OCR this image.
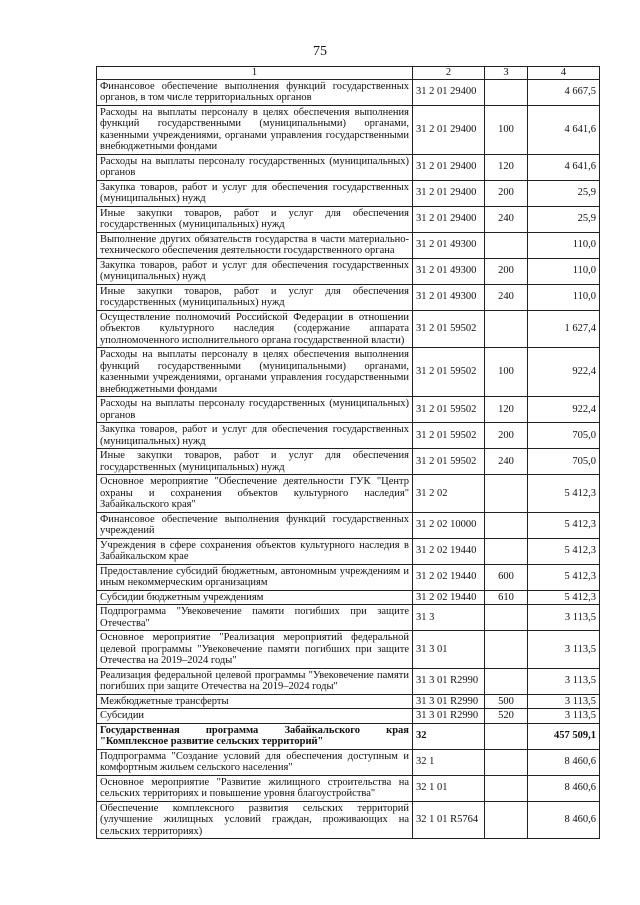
75
1	2	3	4
Финансовое обеспечение выполнения функций государственных органов, в том числе территориальных органов	31 2 01 29400		4 667,5
Расходы на выплаты персоналу в целях обеспечения выполнения функций государственными (муниципальными) органами, казенными учреждениями, органами управления государственными внебюджетными фондами	31 2 01 29400	100	4 641,6
Расходы на выплаты персоналу государственных (муниципальных) органов	31 2 01 29400	120	4 641,6
Закупка товаров, работ и услуг для обеспечения государственных (муниципальных) нужд	31 2 01 29400	200	25,9
Иные закупки товаров, работ и услуг для обеспечения государственных (муниципальных) нужд	31 2 01 29400	240	25,9
Выполнение других обязательств государства в части материально-технического обеспечения деятельности государственного органа	31 2 01 49300		110,0
Закупка товаров, работ и услуг для обеспечения государственных (муниципальных) нужд	31 2 01 49300	200	110,0
Иные закупки товаров, работ и услуг для обеспечения государственных (муниципальных) нужд	31 2 01 49300	240	110,0
Осуществление полномочий Российской Федерации в отношении объектов культурного наследия (содержание аппарата уполномоченного исполнительного органа государственной власти)	31 2 01 59502		1 627,4
Расходы на выплаты персоналу в целях обеспечения выполнения функций государственными (муниципальными) органами, казенными учреждениями, органами управления государственными внебюджетными фондами	31 2 01 59502	100	922,4
Расходы на выплаты персоналу государственных (муниципальных) органов	31 2 01 59502	120	922,4
Закупка товаров, работ и услуг для обеспечения государственных (муниципальных) нужд	31 2 01 59502	200	705,0
Иные закупки товаров, работ и услуг для обеспечения государственных (муниципальных) нужд	31 2 01 59502	240	705,0
Основное мероприятие "Обеспечение деятельности ГУК "Центр охраны и сохранения объектов культурного наследия" Забайкальского края"	31 2 02		5 412,3
Финансовое обеспечение выполнения функций государственных учреждений	31 2 02 10000		5 412,3
Учреждения в сфере сохранения объектов культурного наследия в Забайкальском крае	31 2 02 19440		5 412,3
Предоставление субсидий бюджетным, автономным учреждениям и иным некоммерческим организациям	31 2 02 19440	600	5 412,3
Субсидии бюджетным учреждениям	31 2 02 19440	610	5 412,3
Подпрограмма "Увековечение памяти погибших при защите Отечества"	31 3		3 113,5
Основное мероприятие "Реализация мероприятий федеральной целевой программы "Увековечение памяти погибших при защите Отечества на 2019–2024 годы"	31 3 01		3 113,5
Реализация федеральной целевой программы "Увековечение памяти погибших при защите Отечества на 2019–2024 годы"	31 3 01 R2990		3 113,5
Межбюджетные трансферты	31 3 01 R2990	500	3 113,5
Субсидии	31 3 01 R2990	520	3 113,5
Государственная программа Забайкальского края "Комплексное развитие сельских территорий"	32		457 509,1
Подпрограмма "Создание условий для обеспечения доступным и комфортным жильем сельского населения"	32 1		8 460,6
Основное мероприятие "Развитие жилищного строительства на сельских территориях и повышение уровня благоустройства"	32 1 01		8 460,6
Обеспечение комплексного развития сельских территорий (улучшение жилищных условий граждан, проживающих на сельских территориях)	32 1 01 R5764		8 460,6
